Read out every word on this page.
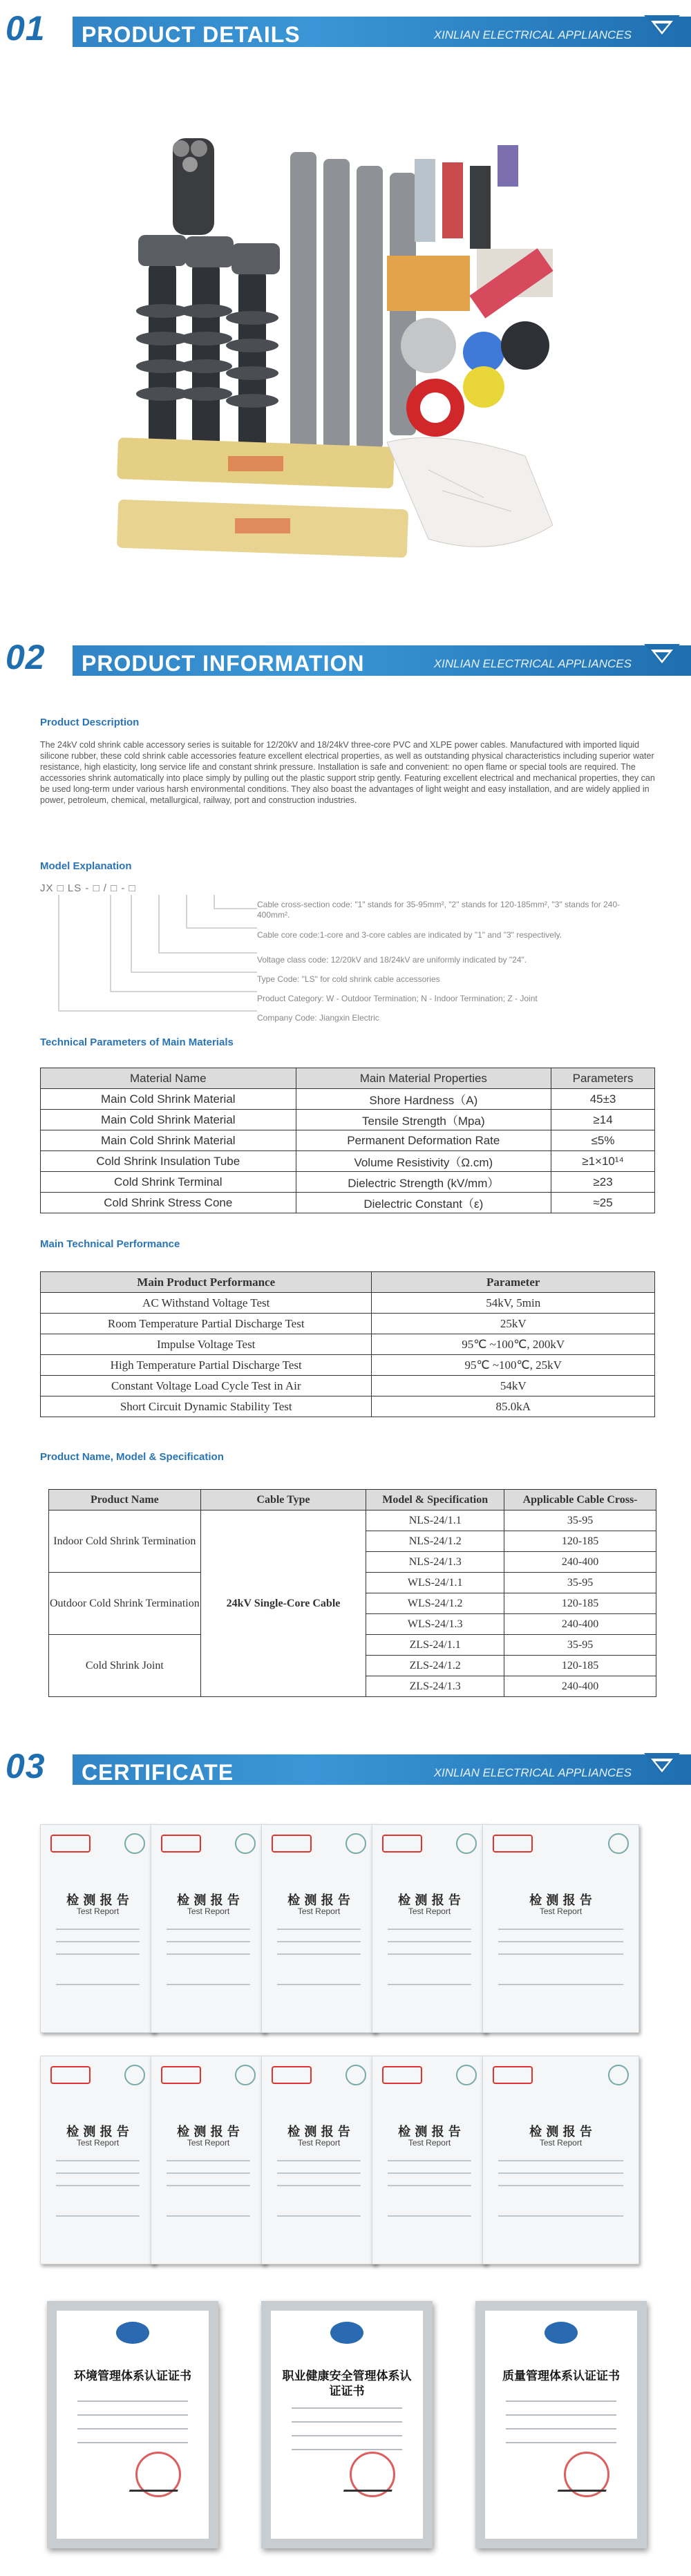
01 PRODUCT DETAILS	XINLIAN ELECTRICAL APPLIANCES
02 PRODUCT INFORMATION	XINLIAN ELECTRICAL APPLIANCES
Product Description
The 24kV cold shrink cable accessory series is suitable for 12/20kV and 18/24kV three-core PVC and XLPE power cables. Manufactured with imported liquid silicone rubber, these cold shrink cable accessories feature excellent electrical properties, as well as outstanding physical characteristics including superior water resistance, high elasticity, long service life and constant shrink pressure. Installation is safe and convenient: no open flame or special tools are required. The accessories shrink automatically into place simply by pulling out the plastic support strip gently. Featuring excellent electrical and mechanical properties, they can be used long-term under various harsh environmental conditions. They also boast the advantages of light weight and easy installation, and are widely applied in power, petroleum, chemical, metallurgical, railway, port and construction industries.
Model Explanation
JX □ LS - □ / □ - □
Cable cross-section code: "1" stands for 35-95mm², "2" stands for 120-185mm², "3" stands for 240-400mm².
Cable core code:1-core and 3-core cables are indicated by "1" and "3" respectively.
Voltage class code: 12/20kV and 18/24kV are uniformly indicated by "24".
Type Code: "LS" for cold shrink cable accessories
Product Category: W - Outdoor Termination; N - Indoor Termination; Z - Joint
Company Code: Jiangxin Electric
Technical Parameters of Main Materials
Material Name	Main Material Properties	Parameters
Main Cold Shrink Material	Shore Hardness（A)	45±3
Main Cold Shrink Material	Tensile Strength（Mpa)	≥14
Main Cold Shrink Material	Permanent Deformation Rate	≤5%
Cold Shrink Insulation Tube	Volume Resistivity（Ω.cm)	≥1×10¹⁴
Cold Shrink Terminal	Dielectric Strength (kV/mm）	≥23
Cold Shrink Stress Cone	Dielectric Constant（ε)	≈25
Main Technical Performance
Main Product Performance	Parameter
AC Withstand Voltage Test	54kV, 5min
Room Temperature Partial Discharge Test	25kV
Impulse Voltage Test	95℃ ~100℃, 200kV
High Temperature Partial Discharge Test	95℃ ~100℃, 25kV
Constant Voltage Load Cycle Test in Air	54kV
Short Circuit Dynamic Stability Test	85.0kA
Product Name, Model & Specification
Product Name	Cable Type	Model & Specification	Applicable Cable Cross-
Indoor Cold Shrink Termination	24kV Single-Core Cable	NLS-24/1.1	35-95
		NLS-24/1.2	120-185
		NLS-24/1.3	240-400
Outdoor Cold Shrink Termination		WLS-24/1.1	35-95
		WLS-24/1.2	120-185
		WLS-24/1.3	240-400
Cold Shrink Joint		ZLS-24/1.1	35-95
		ZLS-24/1.2	120-185
		ZLS-24/1.3	240-400
03 CERTIFICATE	XINLIAN ELECTRICAL APPLIANCES
检 测 报 告
Test Report
检 测 报 告
Test Report
检 测 报 告
Test Report
检 测 报 告
Test Report
检 测 报 告
Test Report
检 测 报 告
Test Report
检 测 报 告
Test Report
检 测 报 告
Test Report
检 测 报 告
Test Report
检 测 报 告
Test Report
环境管理体系认证证书	职业健康安全管理体系认证证书
质量管理体系认证证书
